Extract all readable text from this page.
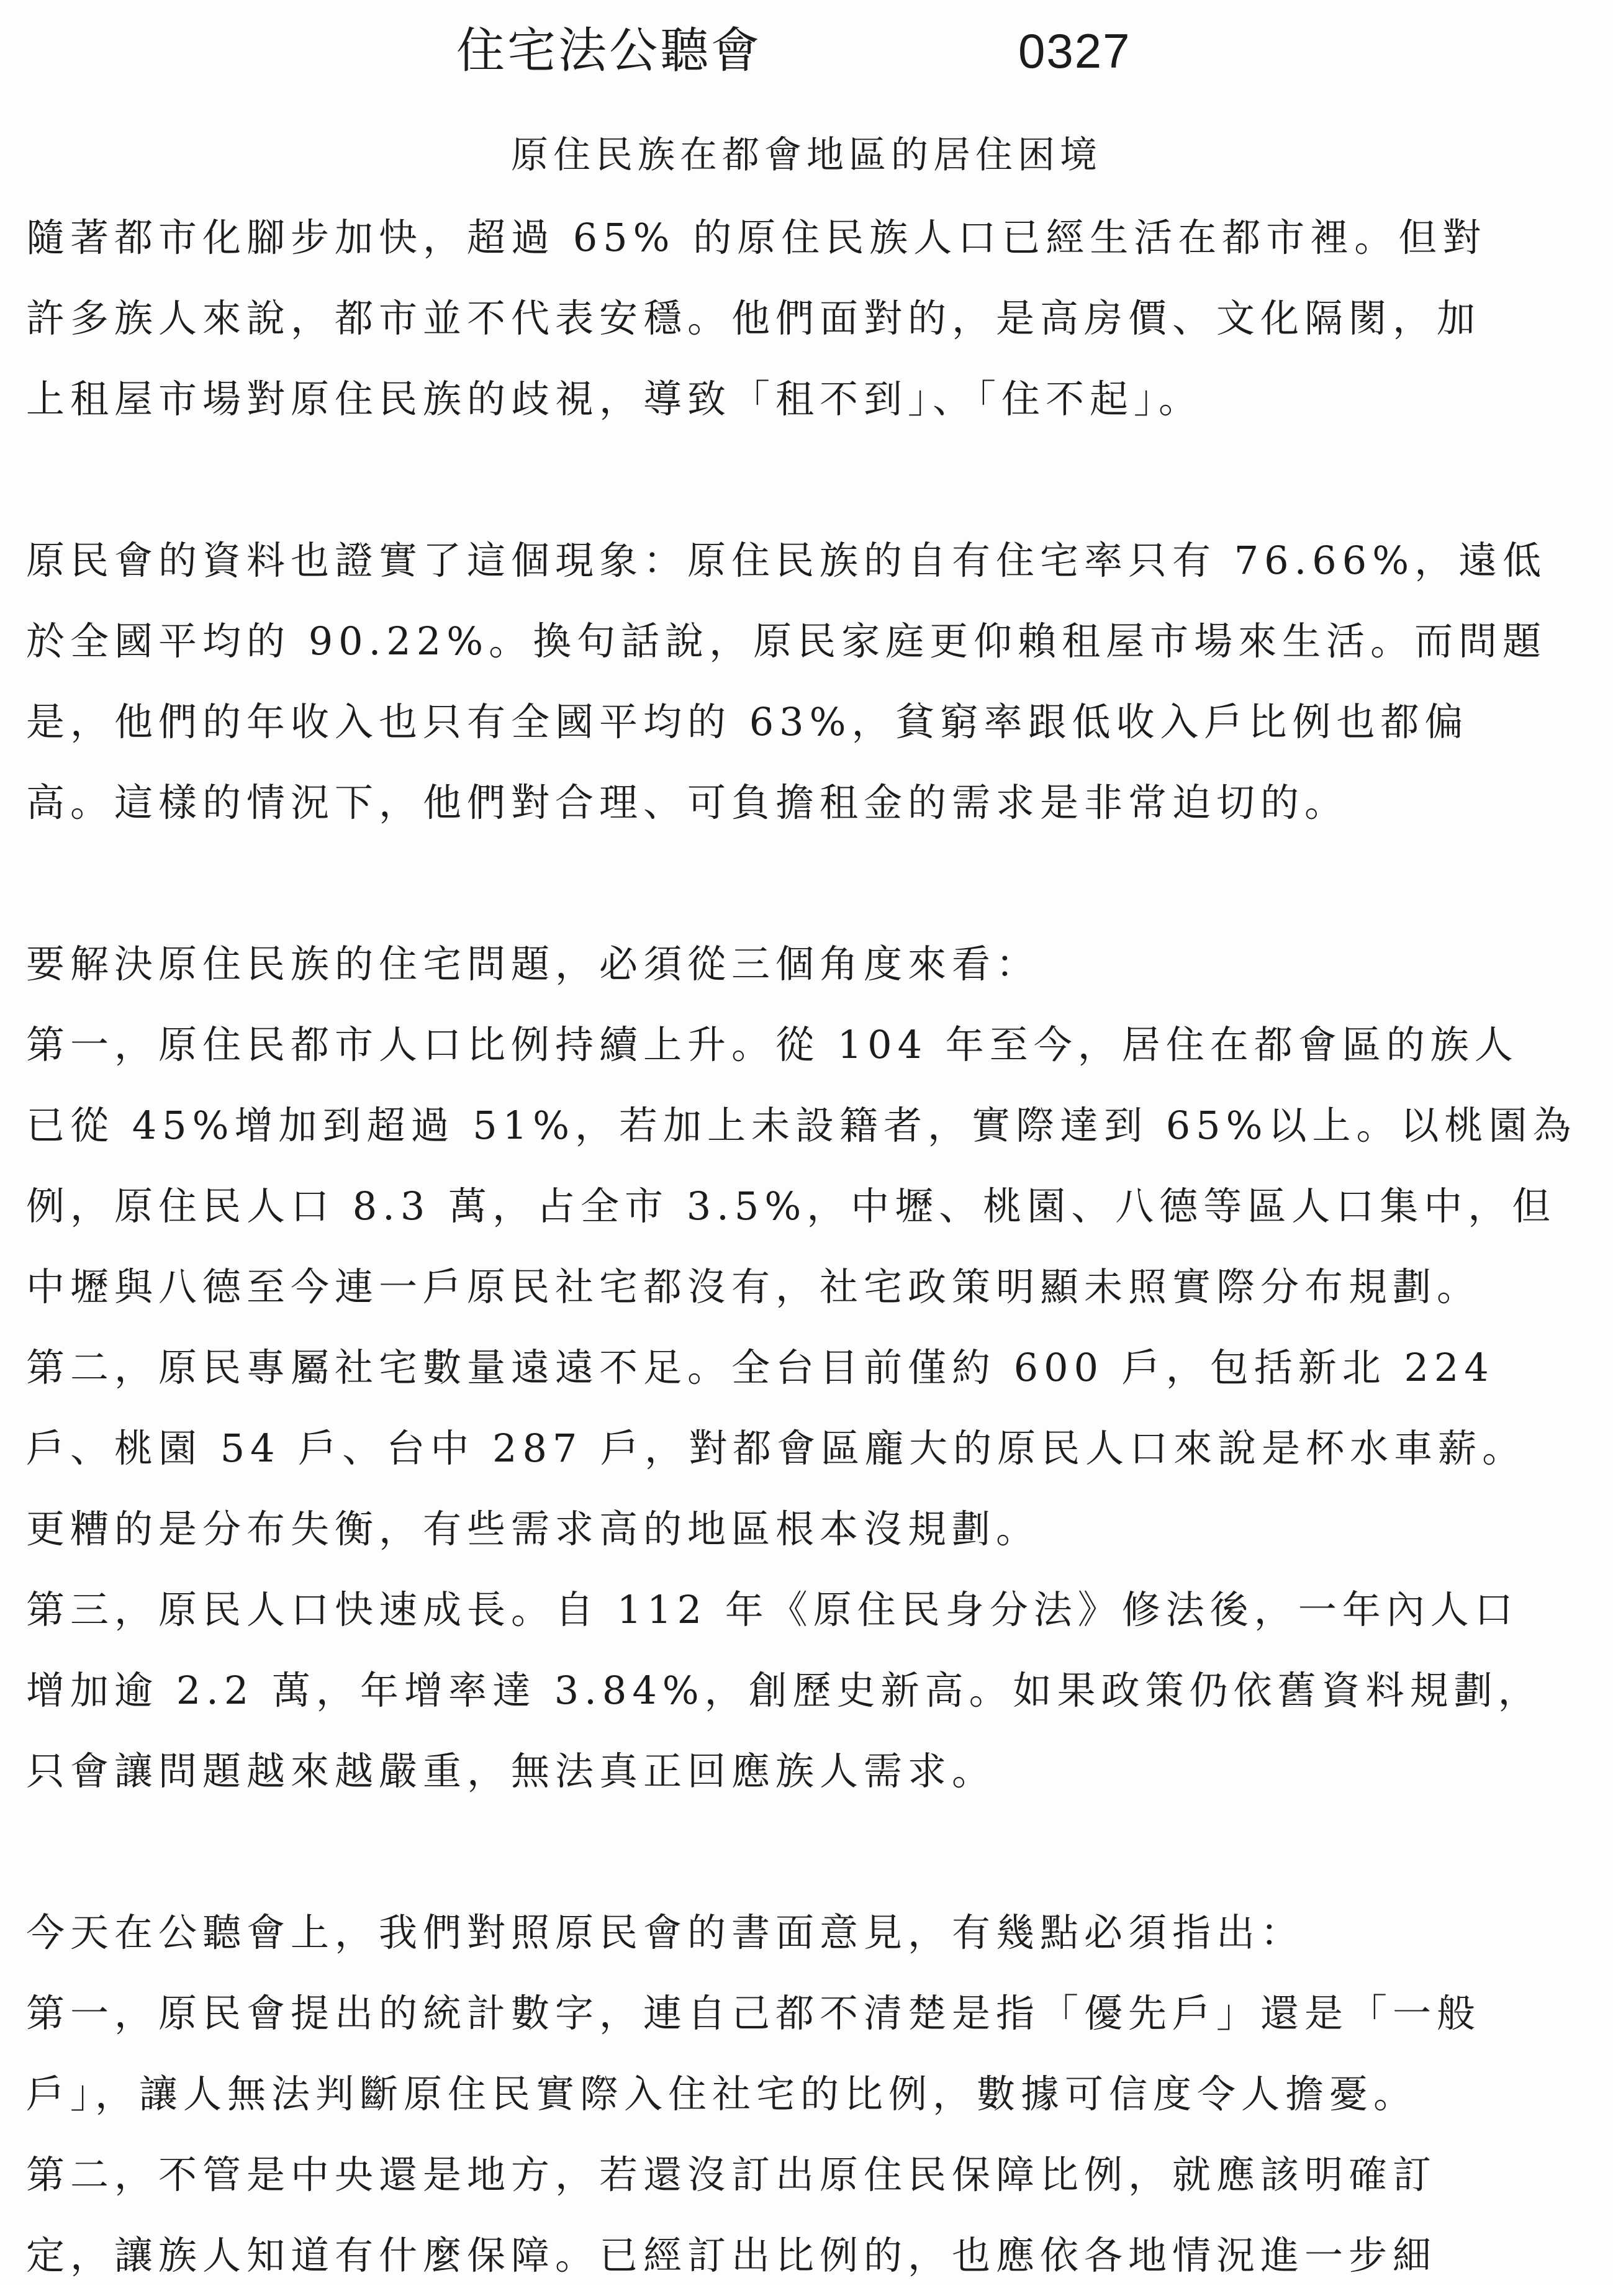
住宅法公聽會	0327
原住民族在都會地區的居住困境
隨著都市化腳步加快，超過 65% 的原住民族人口已經生活在都市裡。但對
許多族人來說，都市並不代表安穩。他們面對的，是高房價、文化隔閡，加
上租屋市場對原住民族的歧視，導致「租不到」、「住不起」。
原民會的資料也證實了這個現象：原住民族的自有住宅率只有 76.66%，遠低
於全國平均的 90.22%。換句話說，原民家庭更仰賴租屋市場來生活。而問題
是，他們的年收入也只有全國平均的 63%，貧窮率跟低收入戶比例也都偏
高。這樣的情況下，他們對合理、可負擔租金的需求是非常迫切的。
要解決原住民族的住宅問題，必須從三個角度來看：
第一，原住民都市人口比例持續上升。從 104 年至今，居住在都會區的族人
已從 45%增加到超過 51%，若加上未設籍者，實際達到 65%以上。以桃園為
例，原住民人口 8.3 萬，占全市 3.5%，中壢、桃園、八德等區人口集中，但
中壢與八德至今連一戶原民社宅都沒有，社宅政策明顯未照實際分布規劃。
第二，原民專屬社宅數量遠遠不足。全台目前僅約 600 戶，包括新北 224
戶、桃園 54 戶、台中 287 戶，對都會區龐大的原民人口來說是杯水車薪。
更糟的是分布失衡，有些需求高的地區根本沒規劃。
第三，原民人口快速成長。自 112 年《原住民身分法》修法後，一年內人口
增加逾 2.2 萬，年增率達 3.84%，創歷史新高。如果政策仍依舊資料規劃，
只會讓問題越來越嚴重，無法真正回應族人需求。
今天在公聽會上，我們對照原民會的書面意見，有幾點必須指出：
第一，原民會提出的統計數字，連自己都不清楚是指「優先戶」還是「一般
戶」，讓人無法判斷原住民實際入住社宅的比例，數據可信度令人擔憂。
第二，不管是中央還是地方，若還沒訂出原住民保障比例，就應該明確訂
定，讓族人知道有什麼保障。已經訂出比例的，也應依各地情況進一步細
